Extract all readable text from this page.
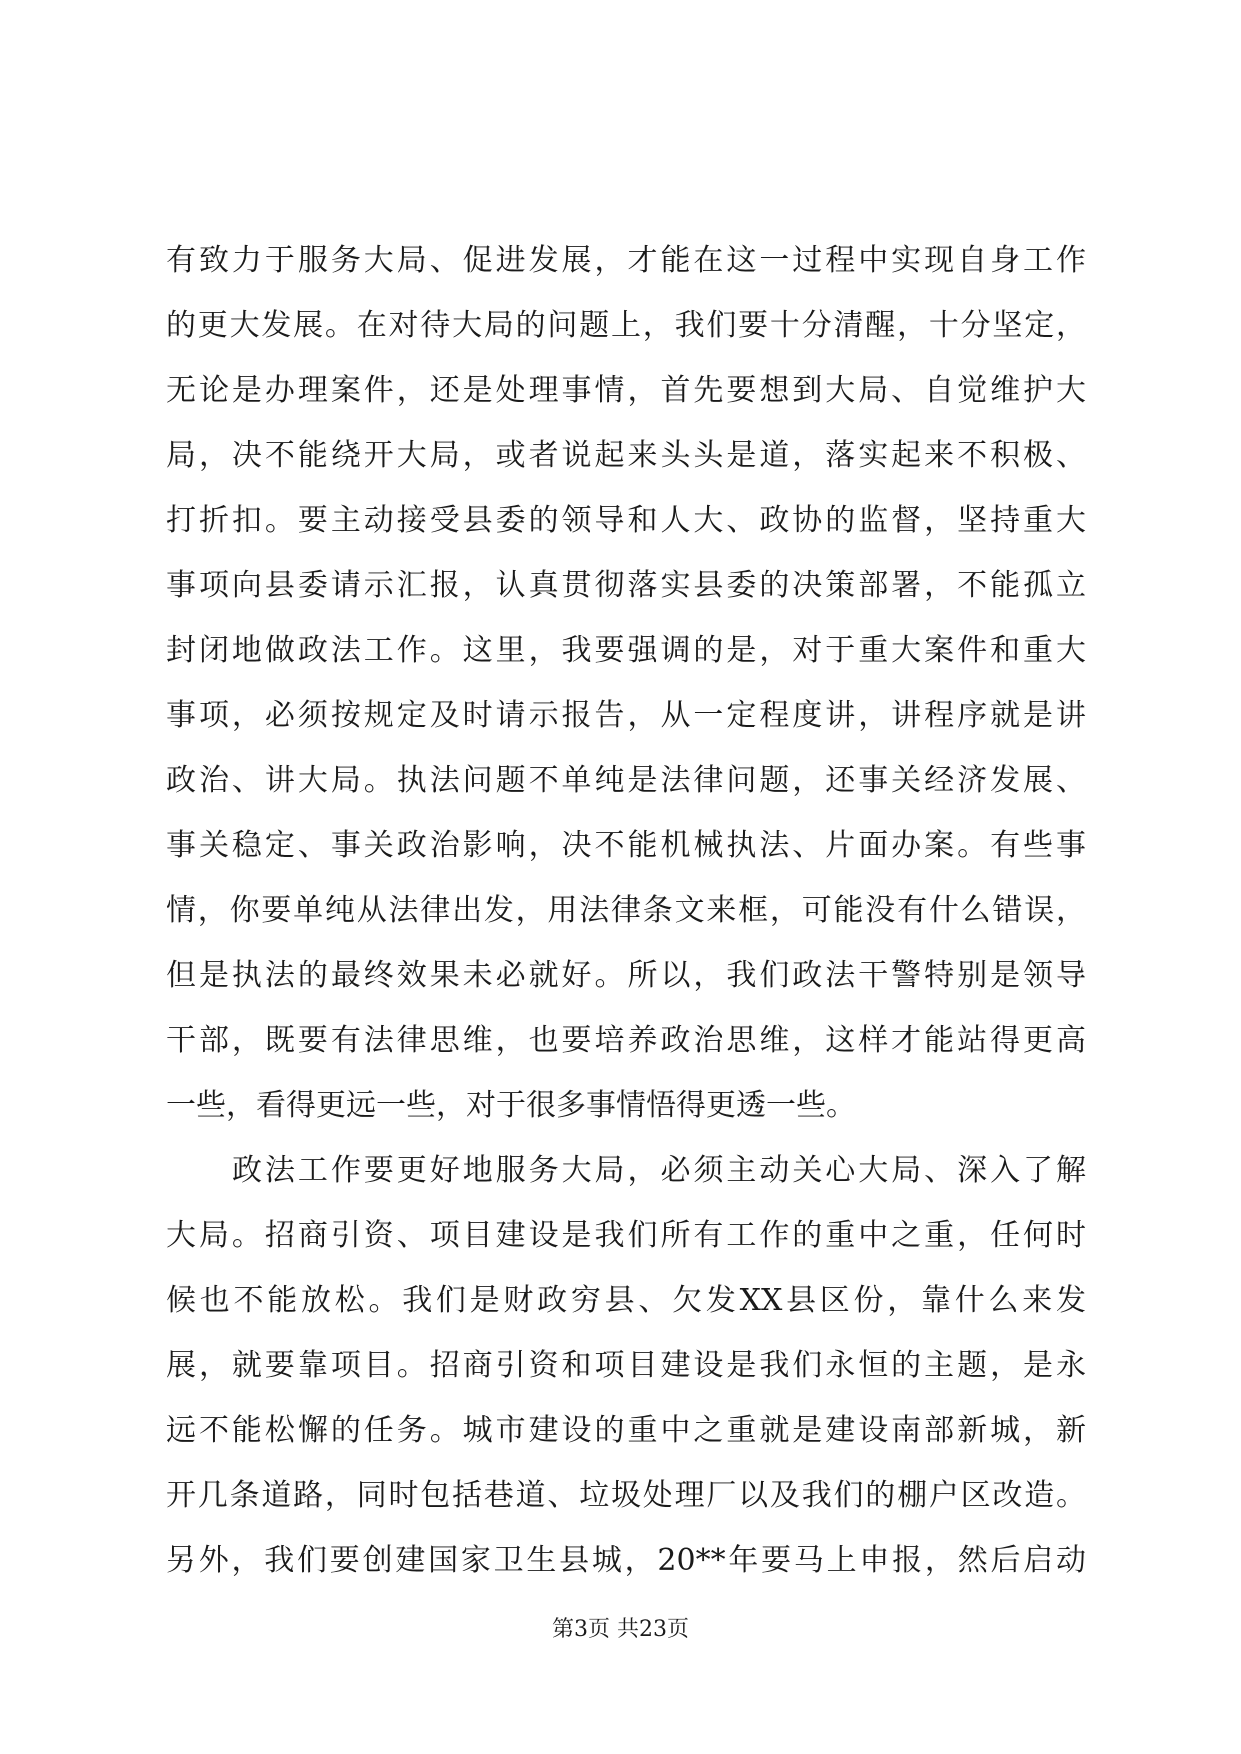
有致力于服务大局、促进发展，才能在这一过程中实现自身工作
的更大发展。在对待大局的问题上，我们要十分清醒，十分坚定，
无论是办理案件，还是处理事情，首先要想到大局、自觉维护大
局，决不能绕开大局，或者说起来头头是道，落实起来不积极、
打折扣。要主动接受县委的领导和人大、政协的监督，坚持重大
事项向县委请示汇报，认真贯彻落实县委的决策部署，不能孤立
封闭地做政法工作。这里，我要强调的是，对于重大案件和重大
事项，必须按规定及时请示报告，从一定程度讲，讲程序就是讲
政治、讲大局。执法问题不单纯是法律问题，还事关经济发展、
事关稳定、事关政治影响，决不能机械执法、片面办案。有些事
情，你要单纯从法律出发，用法律条文来框，可能没有什么错误，
但是执法的最终效果未必就好。所以，我们政法干警特别是领导
干部，既要有法律思维，也要培养政治思维，这样才能站得更高
一些，看得更远一些，对于很多事情悟得更透一些。
政法工作要更好地服务大局，必须主动关心大局、深入了解
大局。招商引资、项目建设是我们所有工作的重中之重，任何时
候也不能放松。我们是财政穷县、欠发XX县区份，靠什么来发
展，就要靠项目。招商引资和项目建设是我们永恒的主题，是永
远不能松懈的任务。城市建设的重中之重就是建设南部新城，新
开几条道路，同时包括巷道、垃圾处理厂以及我们的棚户区改造。
另外，我们要创建国家卫生县城，20**年要马上申报，然后启动
第3页 共23页
